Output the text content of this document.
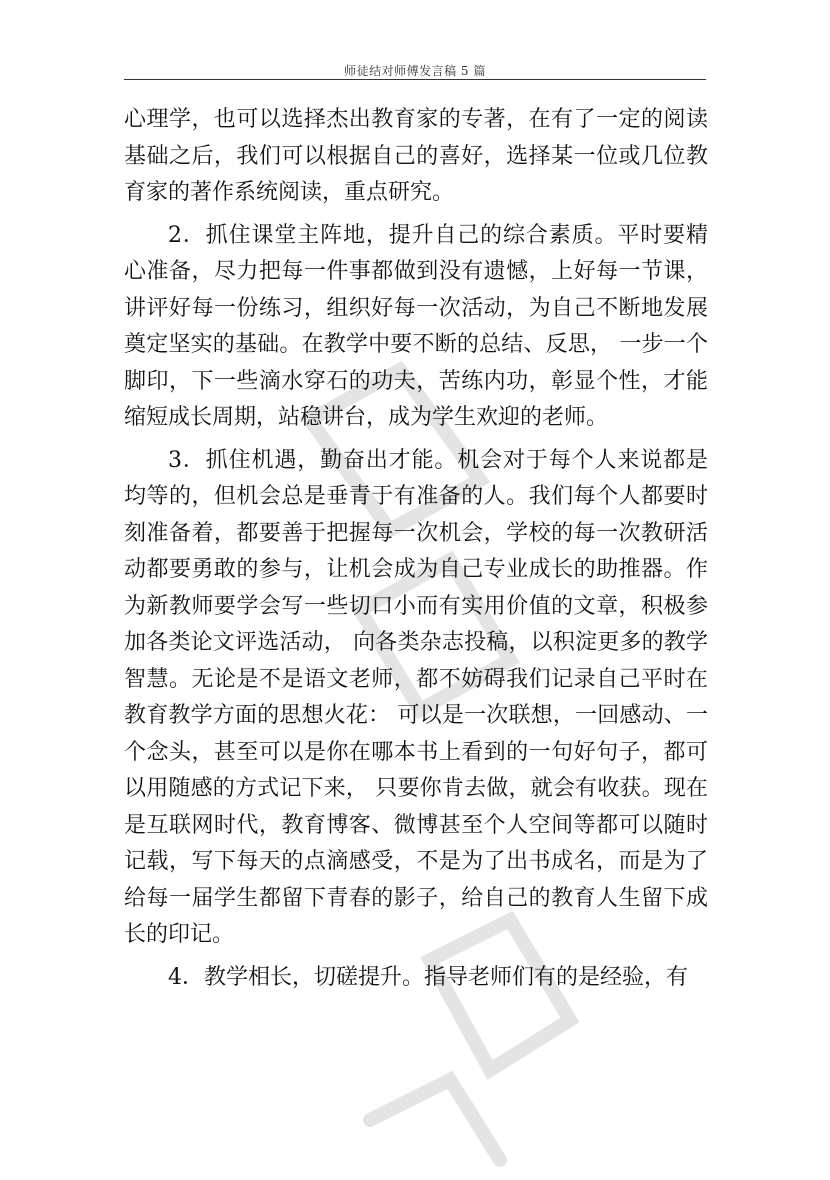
师徒结对师傅发言稿 5 篇

心理学，也可以选择杰出教育家的专著，在有了一定的阅读基础之后，我们可以根据自己的喜好，选择某一位或几位教育家的著作系统阅读，重点研究。

2．抓住课堂主阵地，提升自己的综合素质。平时要精心准备，尽力把每一件事都做到没有遗憾，上好每一节课，讲评好每一份练习，组织好每一次活动，为自己不断地发展奠定坚实的基础。在教学中要不断的总结、反思， 一步一个脚印，下一些滴水穿石的功夫，苦练内功，彰显个性，才能缩短成长周期，站稳讲台，成为学生欢迎的老师。

3．抓住机遇，勤奋出才能。机会对于每个人来说都是均等的，但机会总是垂青于有准备的人。我们每个人都要时刻准备着，都要善于把握每一次机会，学校的每一次教研活动都要勇敢的参与，让机会成为自己专业成长的助推器。作为新教师要学会写一些切口小而有实用价值的文章，积极参加各类论文评选活动， 向各类杂志投稿，以积淀更多的教学智慧。无论是不是语文老师，都不妨碍我们记录自己平时在教育教学方面的思想火花： 可以是一次联想，一回感动、一个念头，甚至可以是你在哪本书上看到的一句好句子，都可以用随感的方式记下来， 只要你肯去做，就会有收获。现在是互联网时代，教育博客、微博甚至个人空间等都可以随时记载，写下每天的点滴感受，不是为了出书成名，而是为了给每一届学生都留下青春的影子，给自己的教育人生留下成长的印记。

4．教学相长，切磋提升。指导老师们有的是经验，有
